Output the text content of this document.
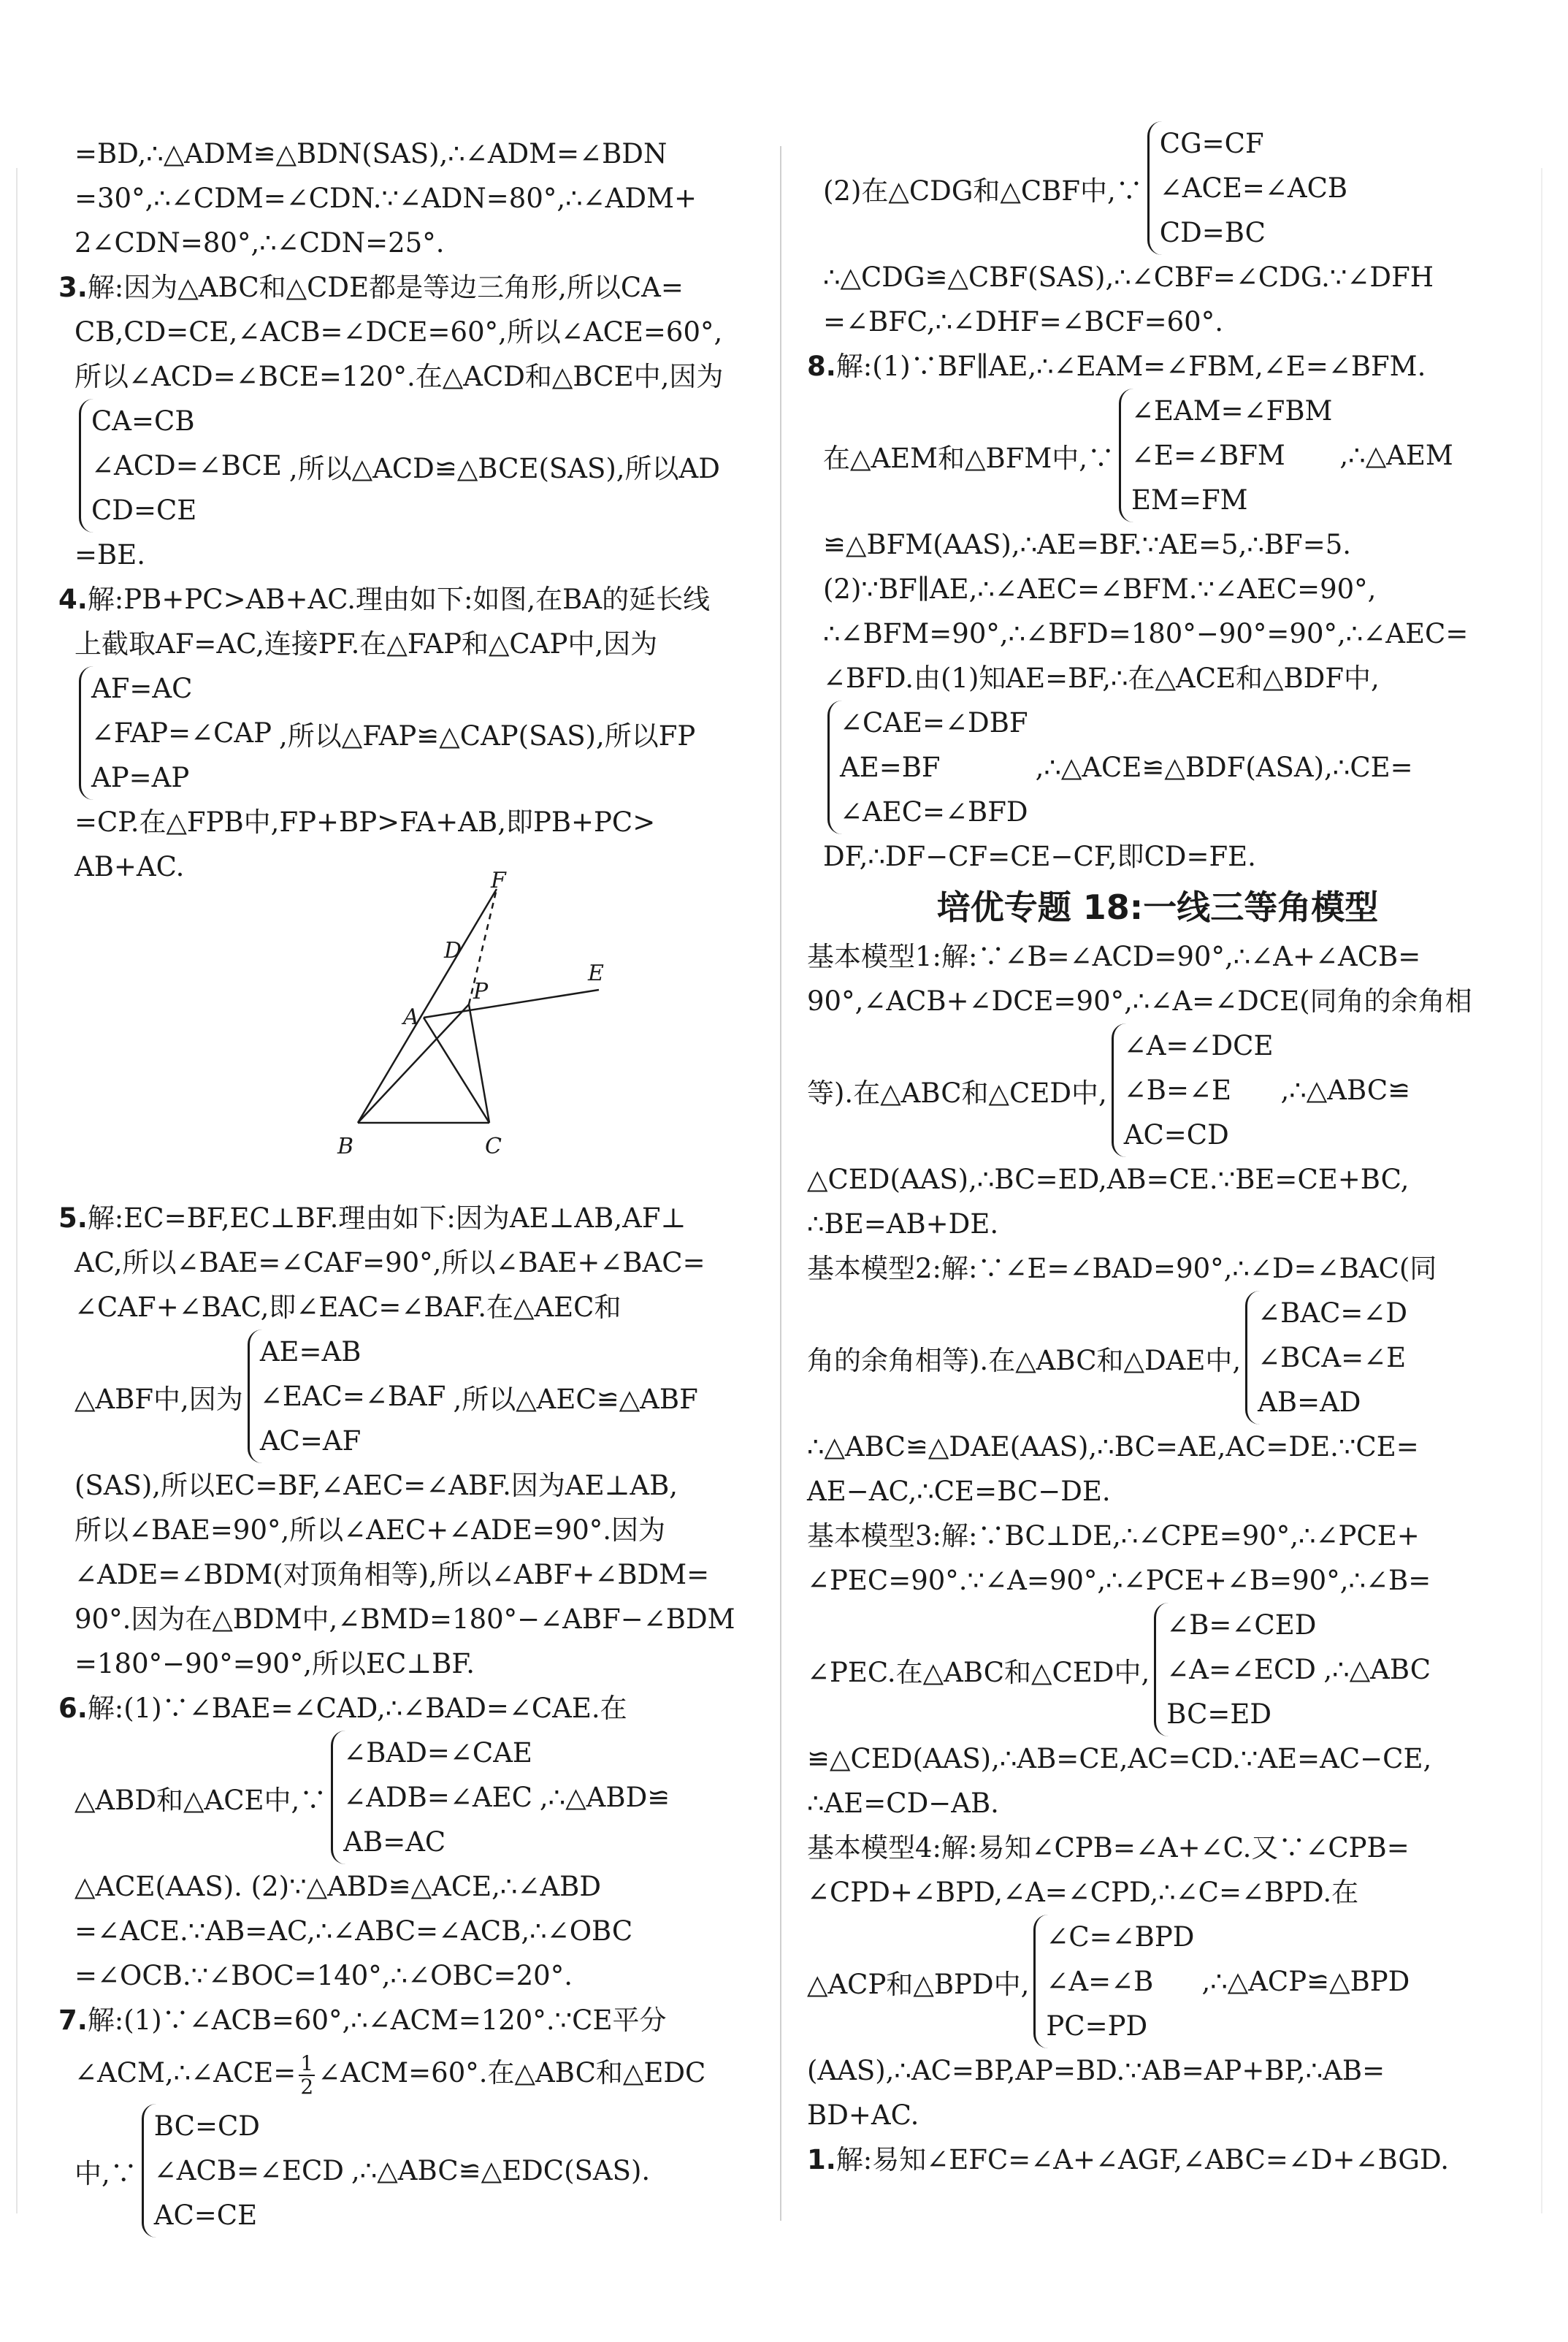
=BD,∴△ADM≌△BDN(SAS),∴∠ADM=∠BDN
=30°,∴∠CDM=∠CDN.∵∠ADN=80°,∴∠ADM+
2∠CDN=80°,∴∠CDN=25°.
3.解:因为△ABC和△CDE都是等边三角形,所以CA=
CB,CD=CE,∠ACB=∠DCE=60°,所以∠ACE=60°,
所以∠ACD=∠BCE=120°.在△ACD和△BCE中,因为
CA=CB
∠ACD=∠BCE
CD=CE
,所以△ACD≌△BCE(SAS),所以AD
=BE.
4.解:PB+PC>AB+AC.理由如下:如图,在BA的延长线
上截取AF=AC,连接PF.在△FAP和△CAP中,因为
AF=AC
∠FAP=∠CAP
AP=AP
,所以△FAP≌△CAP(SAS),所以FP
=CP.在△FPB中,FP+BP>FA+AB,即PB+PC>
AB+AC.	F
D
E
A
P
B	C
5.解:EC=BF,EC⊥BF.理由如下:因为AE⊥AB,AF⊥
AC,所以∠BAE=∠CAF=90°,所以∠BAE+∠BAC=
∠CAF+∠BAC,即∠EAC=∠BAF.在△AEC和
△ABF中,因为
AE=AB
∠EAC=∠BAF
AC=AF
,所以△AEC≌△ABF
(SAS),所以EC=BF,∠AEC=∠ABF.因为AE⊥AB,
所以∠BAE=90°,所以∠AEC+∠ADE=90°.因为
∠ADE=∠BDM(对顶角相等),所以∠ABF+∠BDM=
90°.因为在△BDM中,∠BMD=180°−∠ABF−∠BDM
=180°−90°=90°,所以EC⊥BF.
6.解:(1)∵∠BAE=∠CAD,∴∠BAD=∠CAE.在
△ABD和△ACE中,∵
∠BAD=∠CAE
∠ADB=∠AEC
AB=AC
,∴△ABD≌
△ACE(AAS). (2)∵△ABD≌△ACE,∴∠ABD
=∠ACE.∵AB=AC,∴∠ABC=∠ACB,∴∠OBC
=∠OCB.∵∠BOC=140°,∴∠OBC=20°.
7.解:(1)∵∠ACB=60°,∴∠ACM=120°.∵CE平分
∠ACM,∴∠ACE= $\frac{1}{2}$ ∠ACM=60°.在△ABC和△EDC
中,∵
BC=CD
∠ACB=∠ECD
AC=CE
,∴△ABC≌△EDC(SAS).
(2)在△CDG和△CBF中,∵
CG=CF
∠ACE=∠ACB
CD=BC
∴△CDG≌△CBF(SAS),∴∠CBF=∠CDG.∵∠DFH
=∠BFC,∴∠DHF=∠BCF=60°.
8.解:(1)∵BF∥AE,∴∠EAM=∠FBM,∠E=∠BFM.
在△AEM和△BFM中,∵
∠EAM=∠FBM
∠E=∠BFM
EM=FM
,∴△AEM
≌△BFM(AAS),∴AE=BF.∵AE=5,∴BF=5.
(2)∵BF∥AE,∴∠AEC=∠BFM.∵∠AEC=90°,
∴∠BFM=90°,∴∠BFD=180°−90°=90°,∴∠AEC=
∠BFD.由(1)知AE=BF,∴在△ACE和△BDF中,
∠CAE=∠DBF
AE=BF
∠AEC=∠BFD
,∴△ACE≌△BDF(ASA),∴CE=
DF,∴DF−CF=CE−CF,即CD=FE.
培优专题 18:一线三等角模型
基本模型1:解:∵∠B=∠ACD=90°,∴∠A+∠ACB=
90°,∠ACB+∠DCE=90°,∴∠A=∠DCE(同角的余角相
等).在△ABC和△CED中,
∠A=∠DCE
∠B=∠E
AC=CD
,∴△ABC≌
△CED(AAS),∴BC=ED,AB=CE.∵BE=CE+BC,
∴BE=AB+DE.
基本模型2:解:∵∠E=∠BAD=90°,∴∠D=∠BAC(同
角的余角相等).在△ABC和△DAE中,
∠BAC=∠D
∠BCA=∠E
AB=AD
∴△ABC≌△DAE(AAS),∴BC=AE,AC=DE.∵CE=
AE−AC,∴CE=BC−DE.
基本模型3:解:∵BC⊥DE,∴∠CPE=90°,∴∠PCE+
∠PEC=90°.∵∠A=90°,∴∠PCE+∠B=90°,∴∠B=
∠PEC.在△ABC和△CED中,
∠B=∠CED
∠A=∠ECD
BC=ED
,∴△ABC
≌△CED(AAS),∴AB=CE,AC=CD.∵AE=AC−CE,
∴AE=CD−AB.
基本模型4:解:易知∠CPB=∠A+∠C.又∵∠CPB=
∠CPD+∠BPD,∠A=∠CPD,∴∠C=∠BPD.在
△ACP和△BPD中,
∠C=∠BPD
∠A=∠B
PC=PD
,∴△ACP≌△BPD
(AAS),∴AC=BP,AP=BD.∵AB=AP+BP,∴AB=
BD+AC.
1.解:易知∠EFC=∠A+∠AGF,∠ABC=∠D+∠BGD.
